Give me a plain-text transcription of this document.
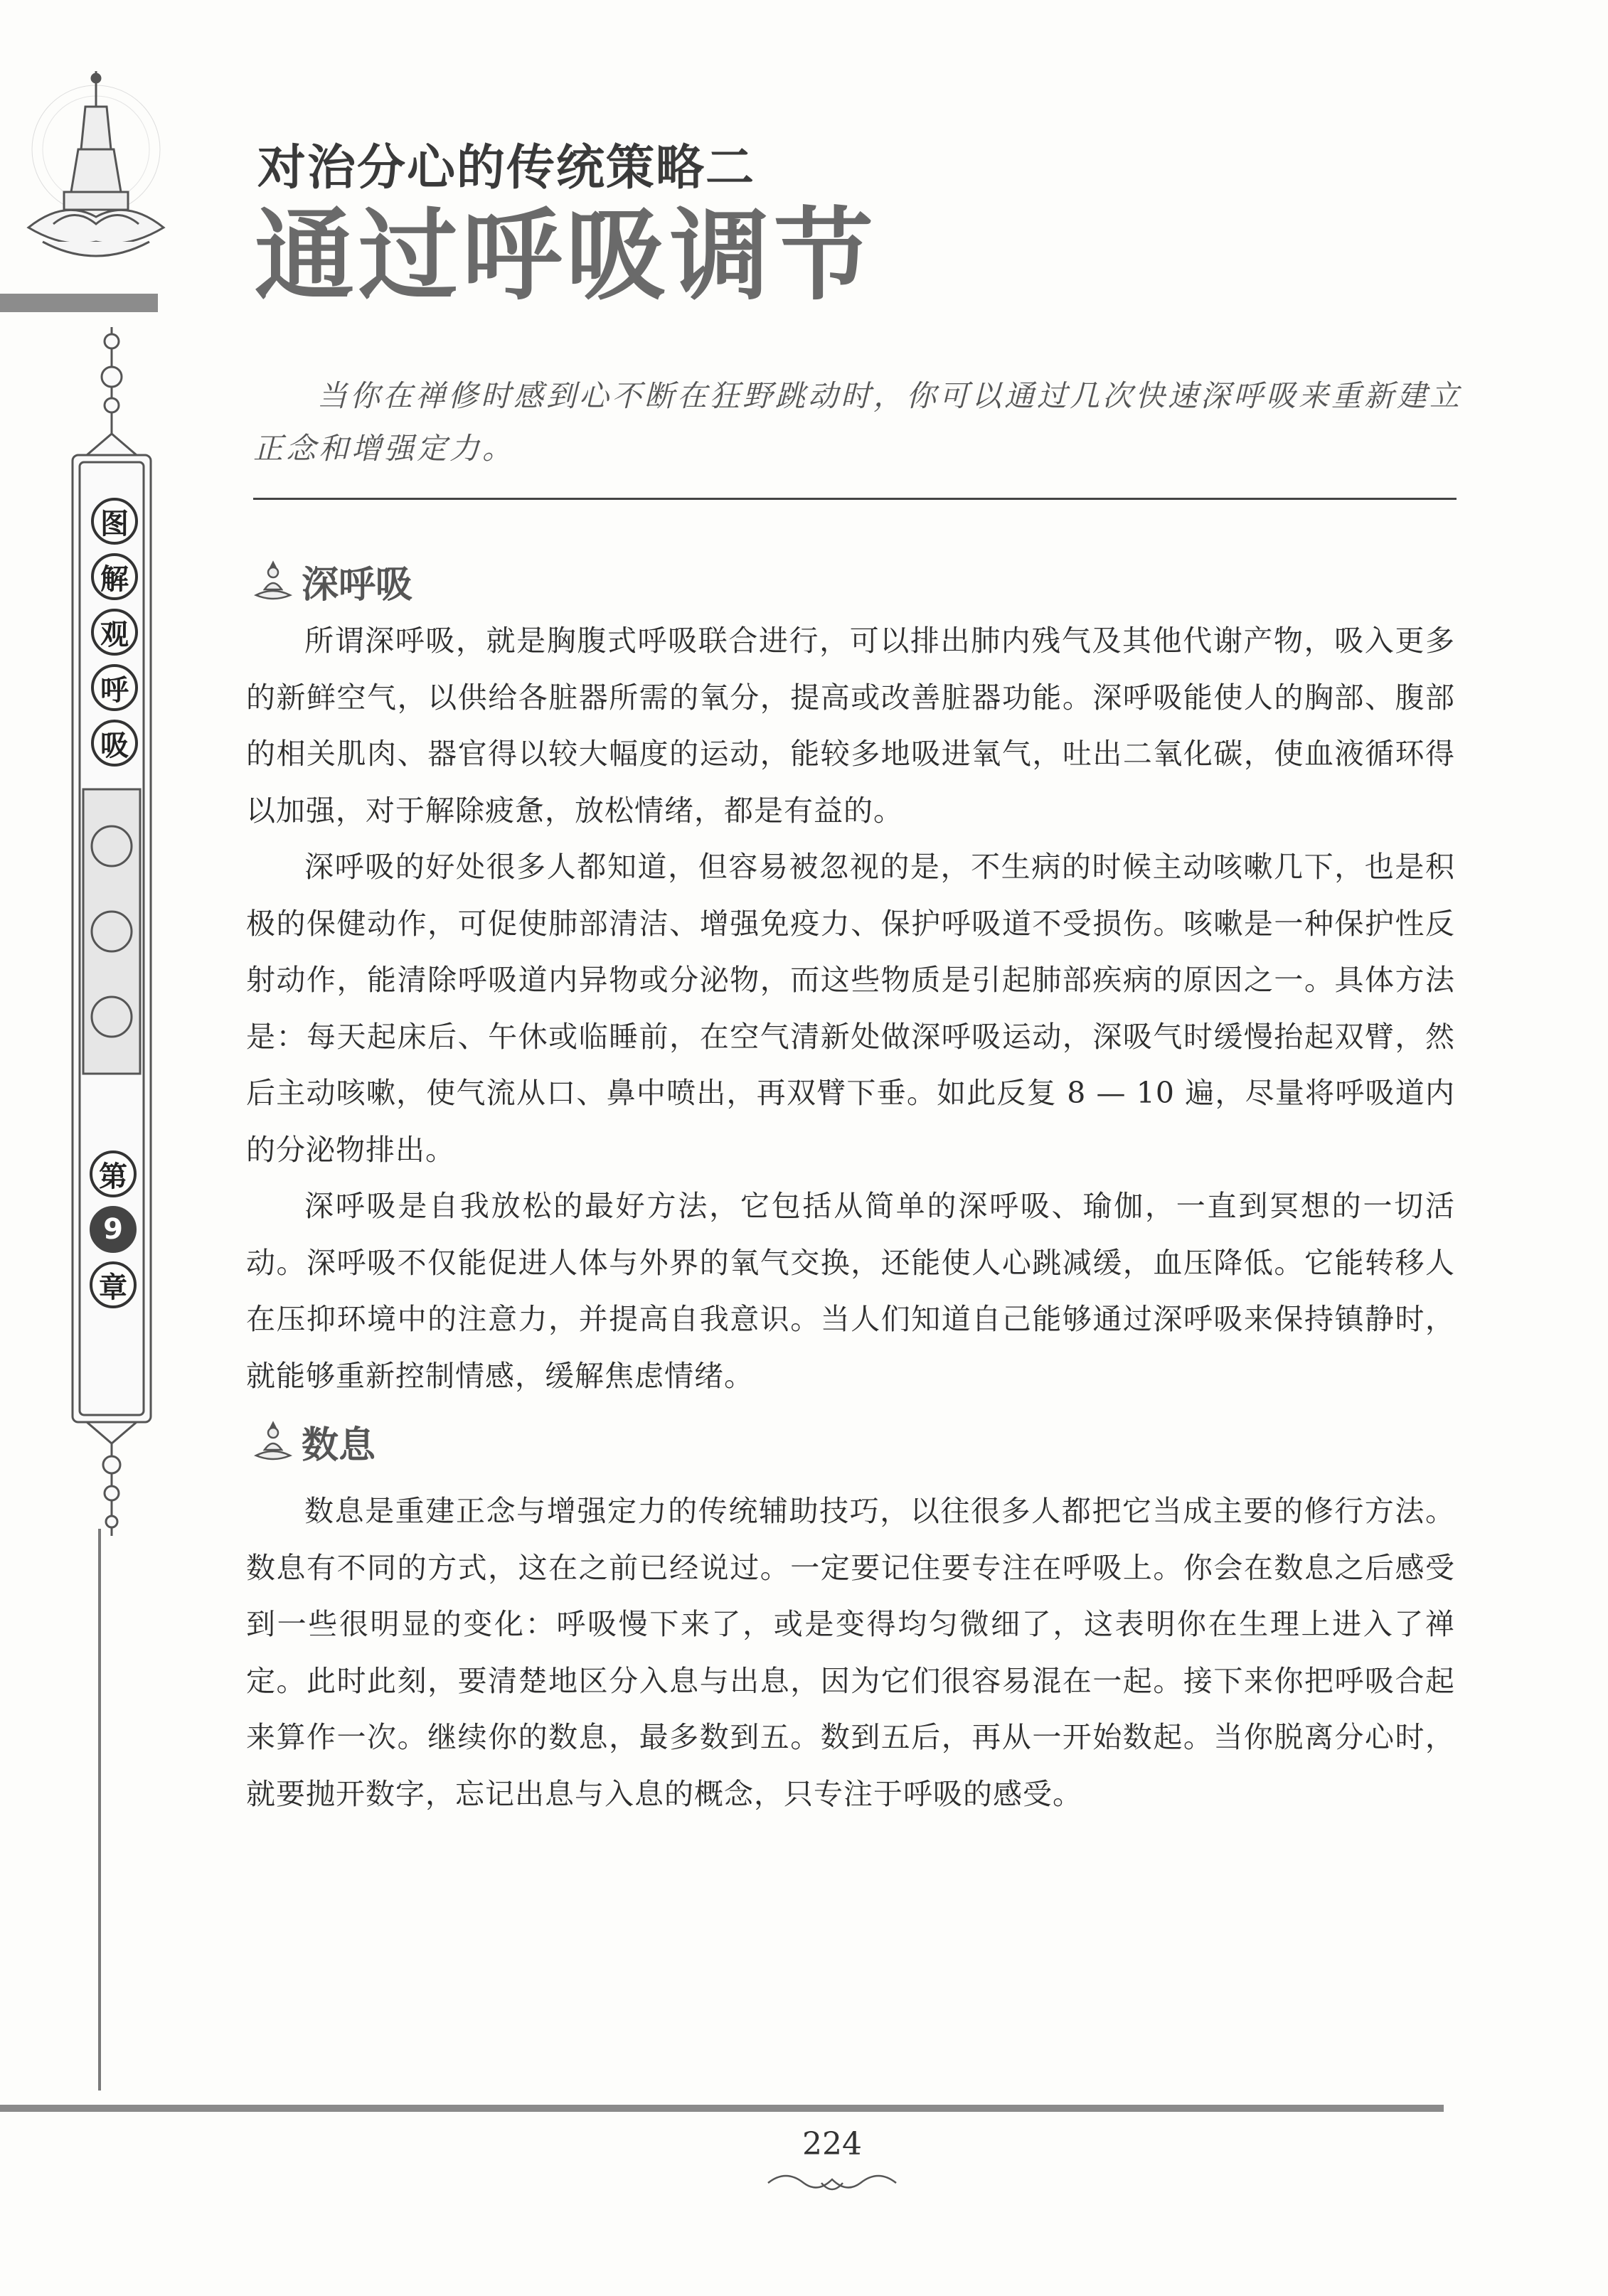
图
解
观
呼
吸
第
9
章
对治分心的传统策略二
通过呼吸调节
当你在禅修时感到心不断在狂野跳动时，你可以通过几次快速深呼吸来重新建立正念和增强定力。
深呼吸

所谓深呼吸，就是胸腹式呼吸联合进行，可以排出肺内残气及其他代谢产物，吸入更多的新鲜空气，以供给各脏器所需的氧分，提高或改善脏器功能。深呼吸能使人的胸部、腹部的相关肌肉、器官得以较大幅度的运动，能较多地吸进氧气，吐出二氧化碳，使血液循环得以加强，对于解除疲惫，放松情绪，都是有益的。

深呼吸的好处很多人都知道，但容易被忽视的是，不生病的时候主动咳嗽几下，也是积极的保健动作，可促使肺部清洁、增强免疫力、保护呼吸道不受损伤。咳嗽是一种保护性反射动作，能清除呼吸道内异物或分泌物，而这些物质是引起肺部疾病的原因之一。具体方法是：每天起床后、午休或临睡前，在空气清新处做深呼吸运动，深吸气时缓慢抬起双臂，然后主动咳嗽，使气流从口、鼻中喷出，再双臂下垂。如此反复 8 — 10 遍，尽量将呼吸道内的分泌物排出。

深呼吸是自我放松的最好方法，它包括从简单的深呼吸、瑜伽，一直到冥想的一切活动。深呼吸不仅能促进人体与外界的氧气交换，还能使人心跳减缓，血压降低。它能转移人在压抑环境中的注意力，并提高自我意识。当人们知道自己能够通过深呼吸来保持镇静时，就能够重新控制情感，缓解焦虑情绪。

数息

数息是重建正念与增强定力的传统辅助技巧，以往很多人都把它当成主要的修行方法。数息有不同的方式，这在之前已经说过。一定要记住要专注在呼吸上。你会在数息之后感受到一些很明显的变化：呼吸慢下来了，或是变得均匀微细了，这表明你在生理上进入了禅定。此时此刻，要清楚地区分入息与出息，因为它们很容易混在一起。接下来你把呼吸合起来算作一次。继续你的数息，最多数到五。数到五后，再从一开始数起。当你脱离分心时，就要抛开数字，忘记出息与入息的概念，只专注于呼吸的感受。

224
